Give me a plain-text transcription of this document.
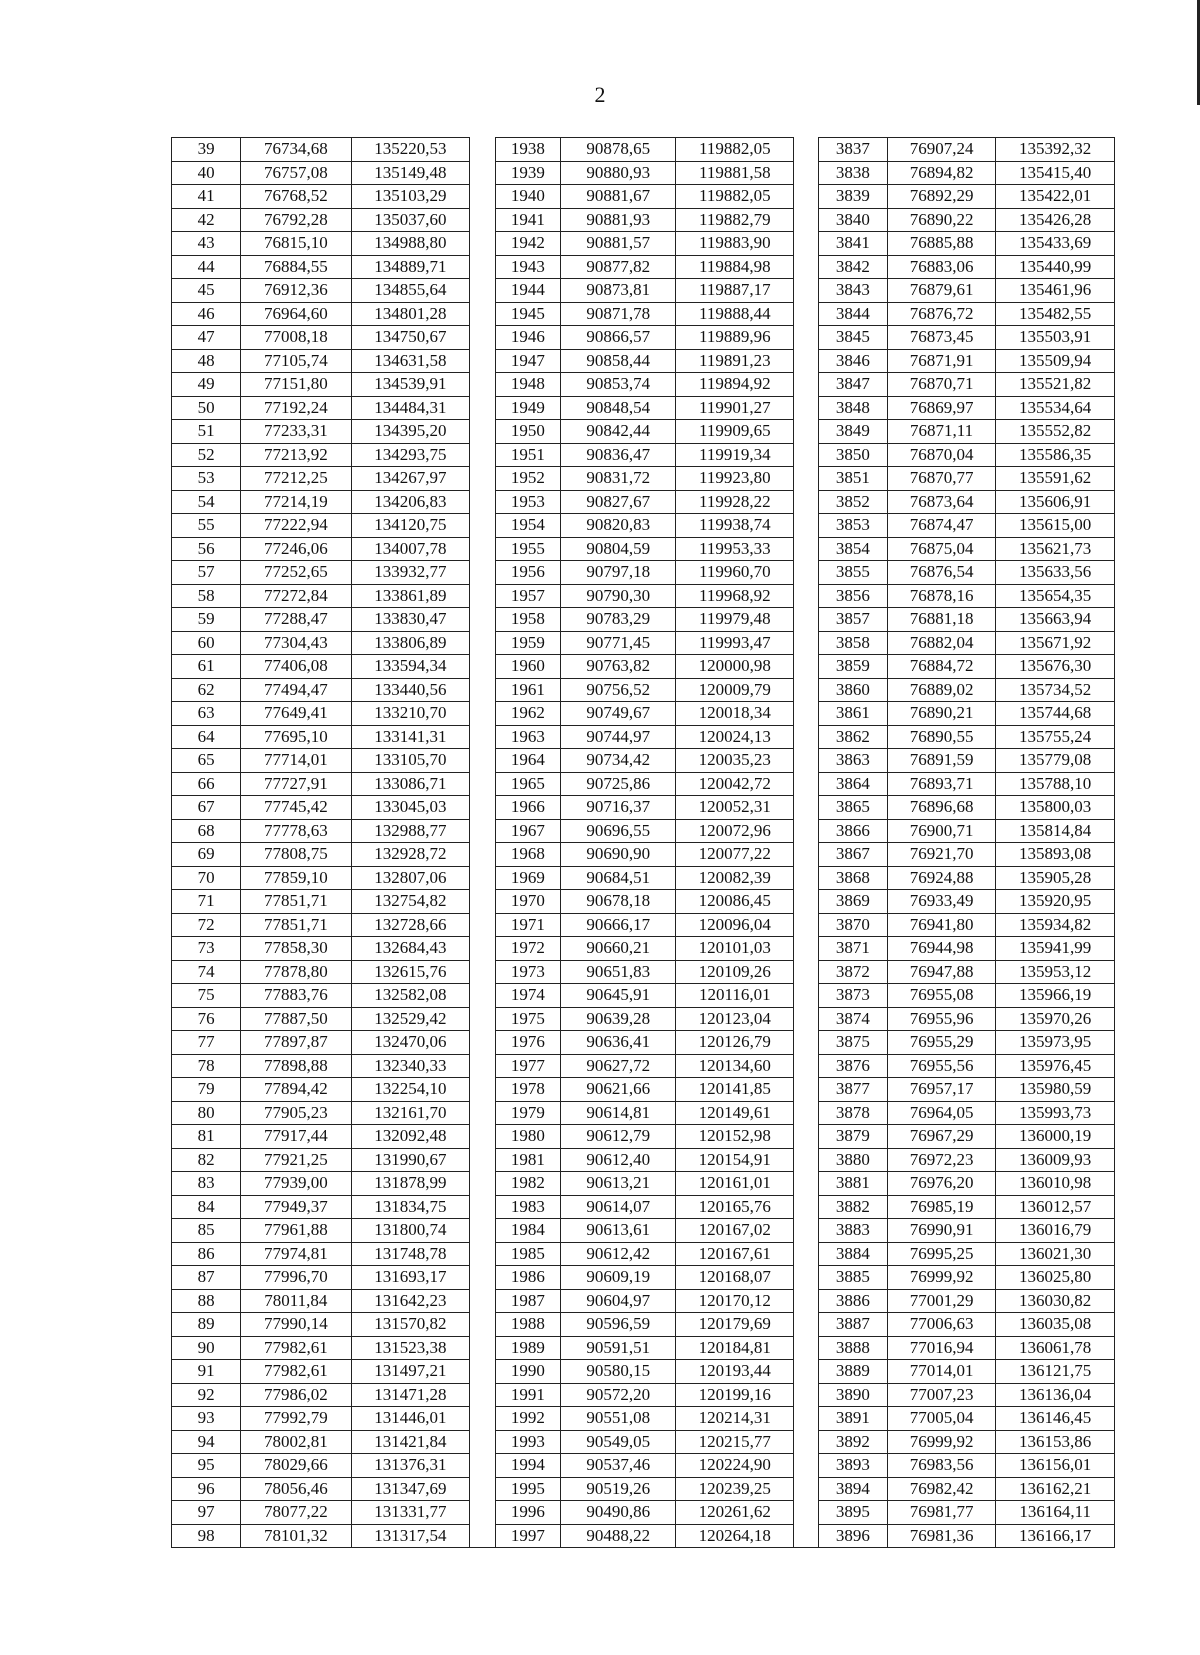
2
39	76734,68	135220,53		1938	90878,65	119882,05		3837	76907,24	135392,32
40	76757,08	135149,48		1939	90880,93	119881,58		3838	76894,82	135415,40
41	76768,52	135103,29		1940	90881,67	119882,05		3839	76892,29	135422,01
42	76792,28	135037,60		1941	90881,93	119882,79		3840	76890,22	135426,28
43	76815,10	134988,80		1942	90881,57	119883,90		3841	76885,88	135433,69
44	76884,55	134889,71		1943	90877,82	119884,98		3842	76883,06	135440,99
45	76912,36	134855,64		1944	90873,81	119887,17		3843	76879,61	135461,96
46	76964,60	134801,28		1945	90871,78	119888,44		3844	76876,72	135482,55
47	77008,18	134750,67		1946	90866,57	119889,96		3845	76873,45	135503,91
48	77105,74	134631,58		1947	90858,44	119891,23		3846	76871,91	135509,94
49	77151,80	134539,91		1948	90853,74	119894,92		3847	76870,71	135521,82
50	77192,24	134484,31		1949	90848,54	119901,27		3848	76869,97	135534,64
51	77233,31	134395,20		1950	90842,44	119909,65		3849	76871,11	135552,82
52	77213,92	134293,75		1951	90836,47	119919,34		3850	76870,04	135586,35
53	77212,25	134267,97		1952	90831,72	119923,80		3851	76870,77	135591,62
54	77214,19	134206,83		1953	90827,67	119928,22		3852	76873,64	135606,91
55	77222,94	134120,75		1954	90820,83	119938,74		3853	76874,47	135615,00
56	77246,06	134007,78		1955	90804,59	119953,33		3854	76875,04	135621,73
57	77252,65	133932,77		1956	90797,18	119960,70		3855	76876,54	135633,56
58	77272,84	133861,89		1957	90790,30	119968,92		3856	76878,16	135654,35
59	77288,47	133830,47		1958	90783,29	119979,48		3857	76881,18	135663,94
60	77304,43	133806,89		1959	90771,45	119993,47		3858	76882,04	135671,92
61	77406,08	133594,34		1960	90763,82	120000,98		3859	76884,72	135676,30
62	77494,47	133440,56		1961	90756,52	120009,79		3860	76889,02	135734,52
63	77649,41	133210,70		1962	90749,67	120018,34		3861	76890,21	135744,68
64	77695,10	133141,31		1963	90744,97	120024,13		3862	76890,55	135755,24
65	77714,01	133105,70		1964	90734,42	120035,23		3863	76891,59	135779,08
66	77727,91	133086,71		1965	90725,86	120042,72		3864	76893,71	135788,10
67	77745,42	133045,03		1966	90716,37	120052,31		3865	76896,68	135800,03
68	77778,63	132988,77		1967	90696,55	120072,96		3866	76900,71	135814,84
69	77808,75	132928,72		1968	90690,90	120077,22		3867	76921,70	135893,08
70	77859,10	132807,06		1969	90684,51	120082,39		3868	76924,88	135905,28
71	77851,71	132754,82		1970	90678,18	120086,45		3869	76933,49	135920,95
72	77851,71	132728,66		1971	90666,17	120096,04		3870	76941,80	135934,82
73	77858,30	132684,43		1972	90660,21	120101,03		3871	76944,98	135941,99
74	77878,80	132615,76		1973	90651,83	120109,26		3872	76947,88	135953,12
75	77883,76	132582,08		1974	90645,91	120116,01		3873	76955,08	135966,19
76	77887,50	132529,42		1975	90639,28	120123,04		3874	76955,96	135970,26
77	77897,87	132470,06		1976	90636,41	120126,79		3875	76955,29	135973,95
78	77898,88	132340,33		1977	90627,72	120134,60		3876	76955,56	135976,45
79	77894,42	132254,10		1978	90621,66	120141,85		3877	76957,17	135980,59
80	77905,23	132161,70		1979	90614,81	120149,61		3878	76964,05	135993,73
81	77917,44	132092,48		1980	90612,79	120152,98		3879	76967,29	136000,19
82	77921,25	131990,67		1981	90612,40	120154,91		3880	76972,23	136009,93
83	77939,00	131878,99		1982	90613,21	120161,01		3881	76976,20	136010,98
84	77949,37	131834,75		1983	90614,07	120165,76		3882	76985,19	136012,57
85	77961,88	131800,74		1984	90613,61	120167,02		3883	76990,91	136016,79
86	77974,81	131748,78		1985	90612,42	120167,61		3884	76995,25	136021,30
87	77996,70	131693,17		1986	90609,19	120168,07		3885	76999,92	136025,80
88	78011,84	131642,23		1987	90604,97	120170,12		3886	77001,29	136030,82
89	77990,14	131570,82		1988	90596,59	120179,69		3887	77006,63	136035,08
90	77982,61	131523,38		1989	90591,51	120184,81		3888	77016,94	136061,78
91	77982,61	131497,21		1990	90580,15	120193,44		3889	77014,01	136121,75
92	77986,02	131471,28		1991	90572,20	120199,16		3890	77007,23	136136,04
93	77992,79	131446,01		1992	90551,08	120214,31		3891	77005,04	136146,45
94	78002,81	131421,84		1993	90549,05	120215,77		3892	76999,92	136153,86
95	78029,66	131376,31		1994	90537,46	120224,90		3893	76983,56	136156,01
96	78056,46	131347,69		1995	90519,26	120239,25		3894	76982,42	136162,21
97	78077,22	131331,77		1996	90490,86	120261,62		3895	76981,77	136164,11
98	78101,32	131317,54		1997	90488,22	120264,18		3896	76981,36	136166,17
